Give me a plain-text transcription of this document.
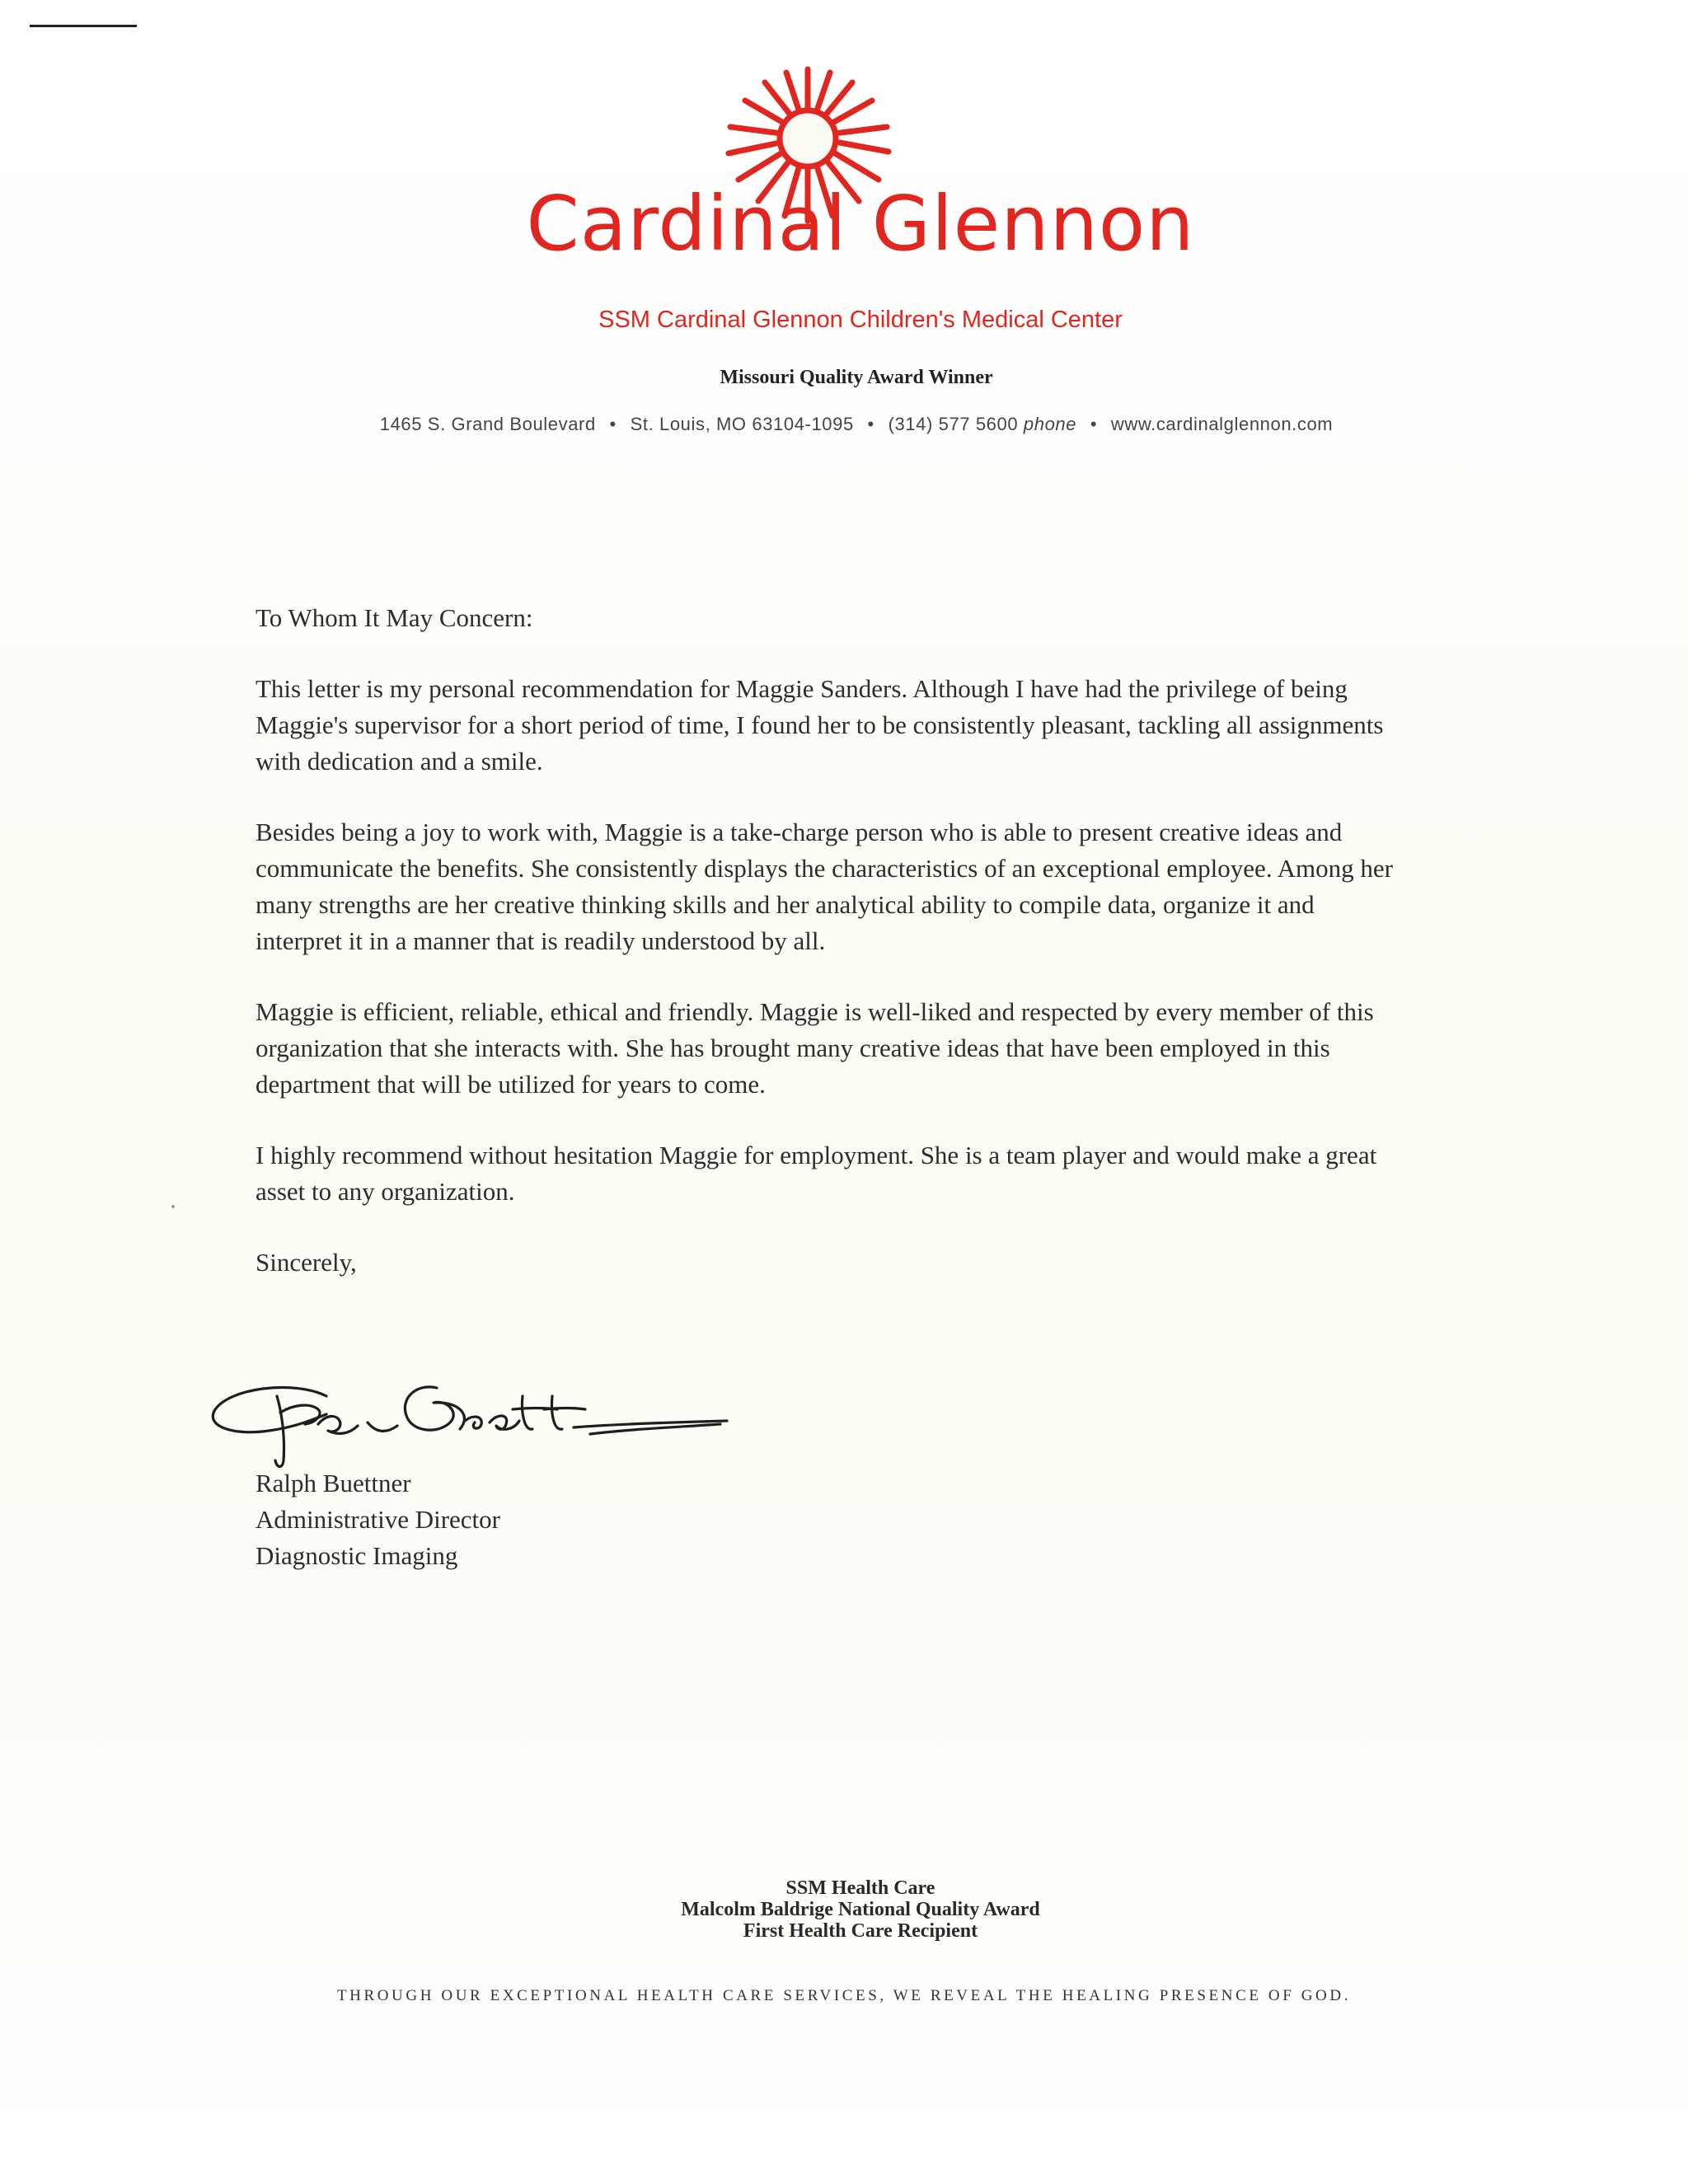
Cardinal Glennon
SSM Cardinal Glennon Children's Medical Center
Missouri Quality Award Winner
1465 S. Grand Boulevard • St. Louis, MO 63104-1095 • (314) 577 5600 phone • www.cardinalglennon.com

To Whom It May Concern:

This letter is my personal recommendation for Maggie Sanders. Although I have had the privilege of being Maggie's supervisor for a short period of time, I found her to be consistently pleasant, tackling all assignments with dedication and a smile.

Besides being a joy to work with, Maggie is a take-charge person who is able to present creative ideas and communicate the benefits. She consistently displays the characteristics of an exceptional employee. Among her many strengths are her creative thinking skills and her analytical ability to compile data, organize it and interpret it in a manner that is readily understood by all.

Maggie is efficient, reliable, ethical and friendly. Maggie is well-liked and respected by every member of this organization that she interacts with. She has brought many creative ideas that have been employed in this department that will be utilized for years to come.

I highly recommend without hesitation Maggie for employment. She is a team player and would make a great asset to any organization.

Sincerely,

Ralph Buettner
Administrative Director
Diagnostic Imaging
SSM Health Care
Malcolm Baldrige National Quality Award
First Health Care Recipient
THROUGH OUR EXCEPTIONAL HEALTH CARE SERVICES, WE REVEAL THE HEALING PRESENCE OF GOD.
